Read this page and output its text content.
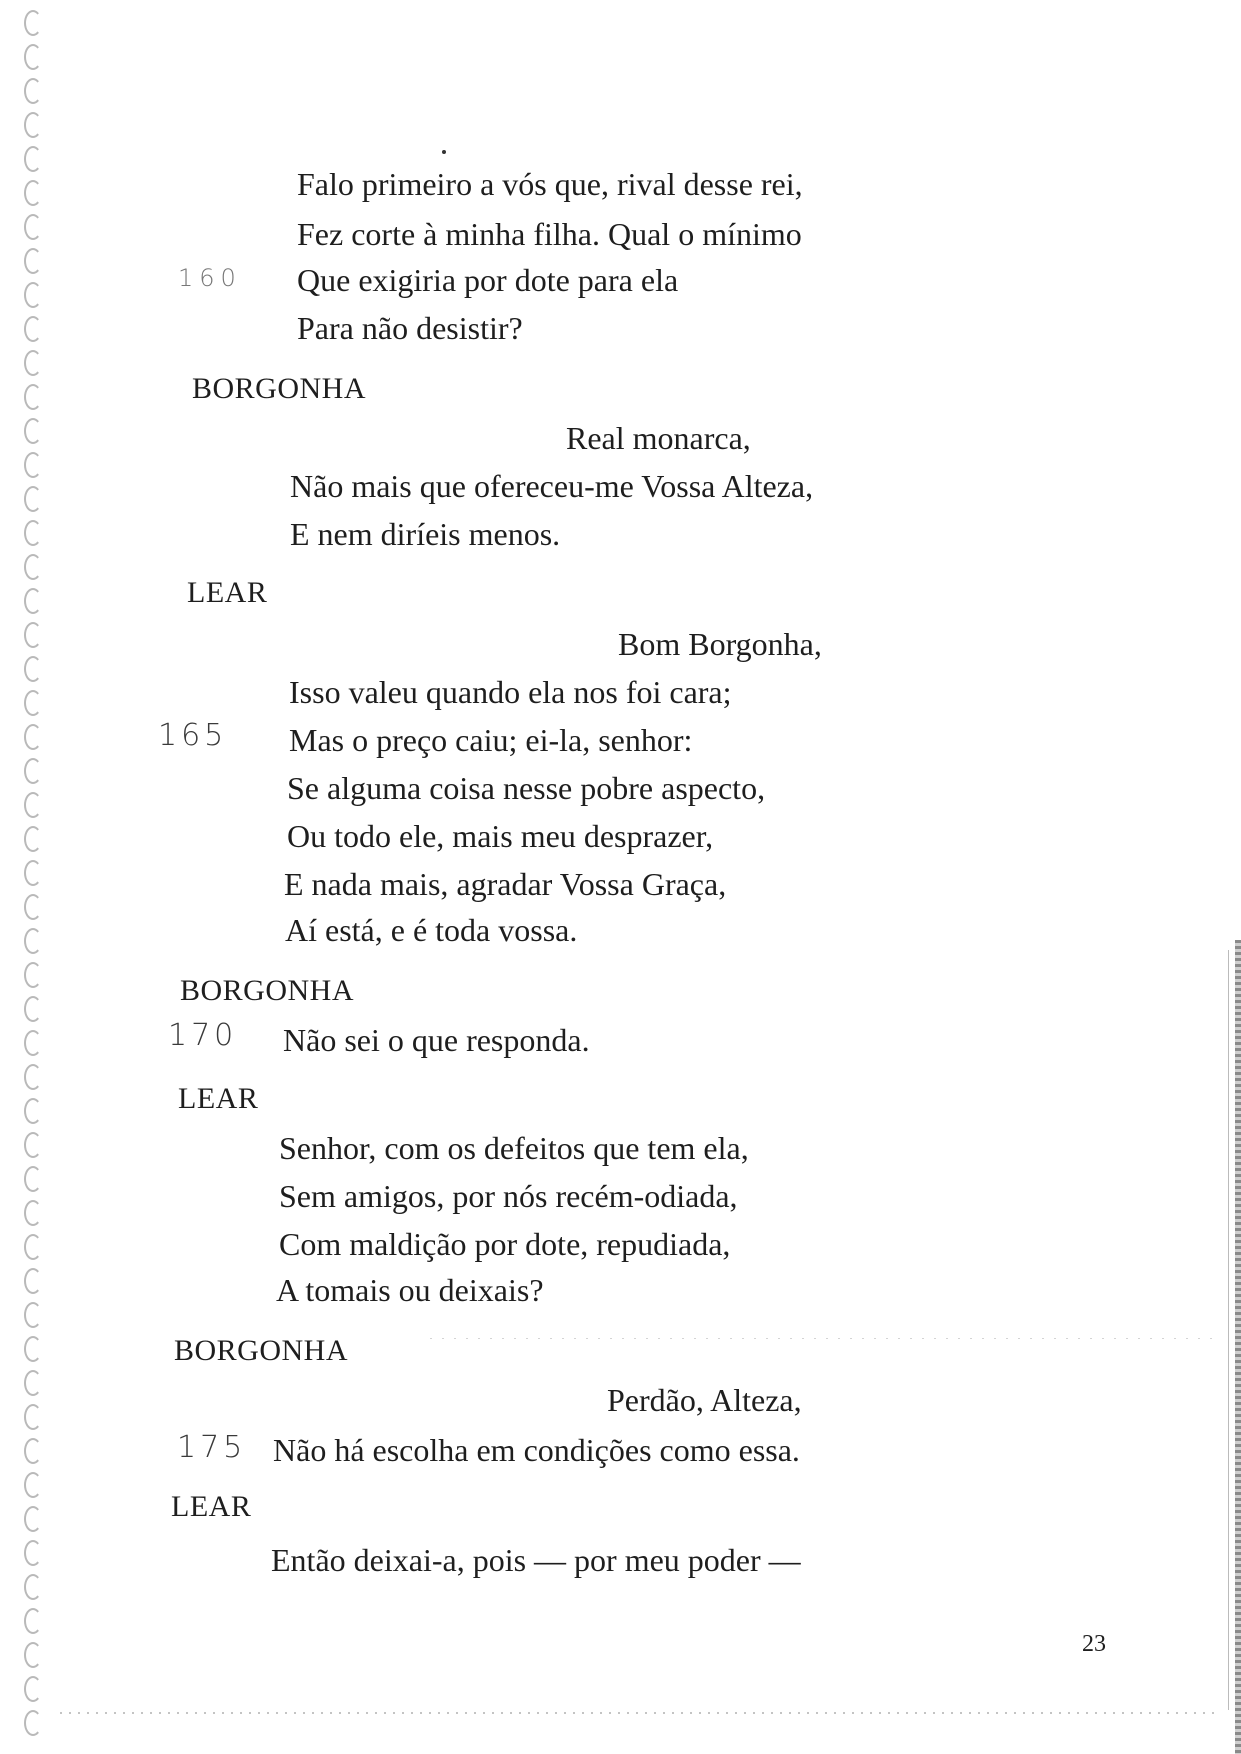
Falo primeiro a vós que, rival desse rei,
Fez corte à minha filha. Qual o mínimo
Que exigiria por dote para ela
Para não desistir?
BORGONHA
Real monarca,
Não mais que ofereceu-me Vossa Alteza,
E nem diríeis menos.
LEAR
Bom Borgonha,
Isso valeu quando ela nos foi cara;
Mas o preço caiu; ei-la, senhor:
Se alguma coisa nesse pobre aspecto,
Ou todo ele, mais meu desprazer,
E nada mais, agradar Vossa Graça,
Aí está, e é toda vossa.
BORGONHA
Não sei o que responda.
LEAR
Senhor, com os defeitos que tem ela,
Sem amigos, por nós recém-odiada,
Com maldição por dote, repudiada,
A tomais ou deixais?
BORGONHA
Perdão, Alteza,
Não há escolha em condições como essa.
LEAR
Então deixai-a, pois — por meu poder —
160
165
170
175
23
